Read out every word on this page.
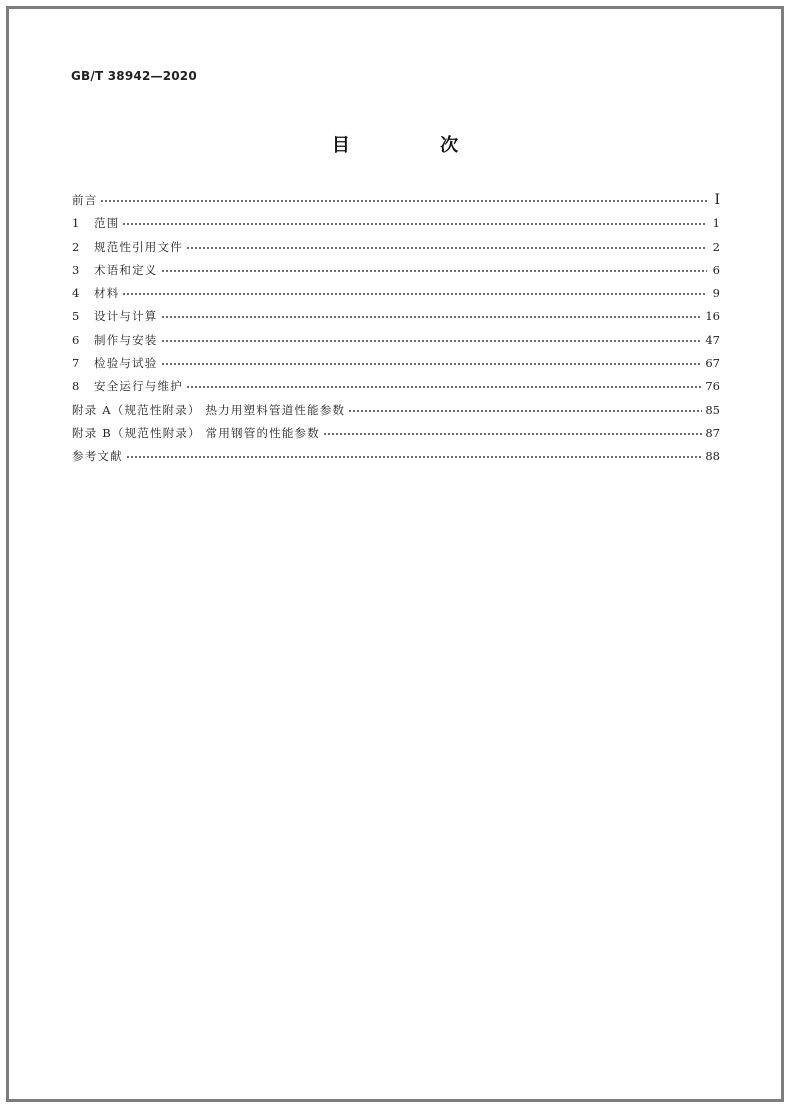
GB/T 38942—2020
目 次
前言	Ⅰ
1	范围	1
2	规范性引用文件	2
3	术语和定义	6
4	材料	9
5	设计与计算	16
6	制作与安装	47
7	检验与试验	67
8	安全运行与维护	76
附录 A（规范性附录） 热力用塑料管道性能参数	85
附录 B（规范性附录） 常用钢管的性能参数	87
参考文献	88
